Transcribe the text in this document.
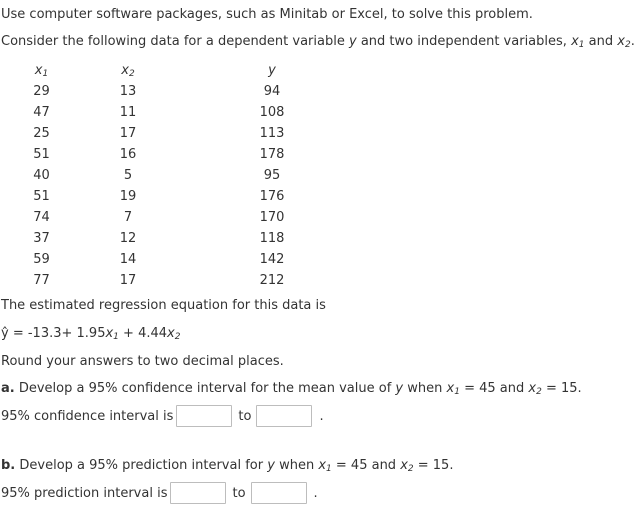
Use computer software packages, such as Minitab or Excel, to solve this problem.
Consider the following data for a dependent variable y and two independent variables, $x_1$ and $x_2$.
$x_1$	$x_2$	y
29	13	94
47	11	108
25	17	113
51	16	178
40	5	95
51	19	176
74	7	170
37	12	118
59	14	142
77	17	212
The estimated regression equation for this data is
ŷ = $-13.3+ 1.95x_1 + 4.44x_2$
Round your answers to two decimal places.
a. Develop a 95% confidence interval for the mean value of y when $x_1 = 45$ and $x_2 = 15$.
95% confidence interval is	to	.
b. Develop a 95% prediction interval for y when $x_1 = 45$ and $x_2 = 15$.
95% prediction interval is	to	.
